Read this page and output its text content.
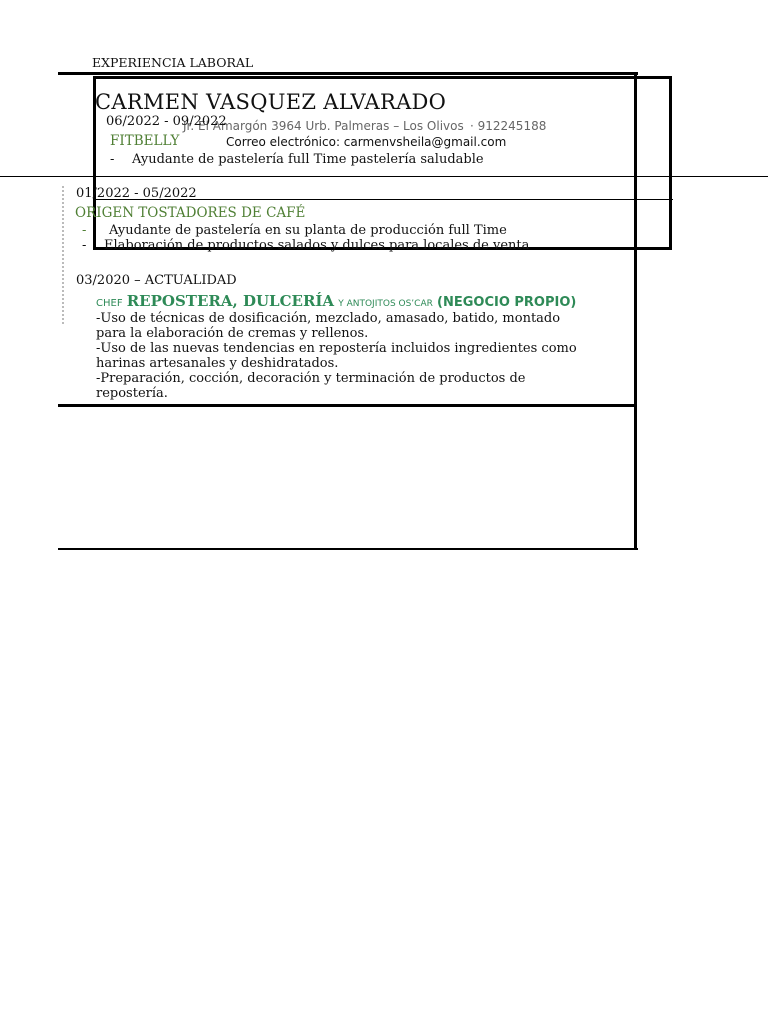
EXPERIENCIA LABORAL
CARMEN VASQUEZ ALVARADO
Jr. El Amargón 3964 Urb. Palmeras – Los Olivos · 912245188
Correo electrónico: carmenvsheila@gmail.com
06/2022 - 09/2022
FITBELLY
- Ayudante de pastelería full Time pastelería saludable
01/2022 - 05/2022
ORIGEN TOSTADORES DE CAFÉ
- Ayudante de pastelería en su planta de producción full Time
- Elaboración de productos salados y dulces para locales de venta
03/2020 – ACTUALIDAD
CHEF REPOSTERA, DULCERÍA Y ANTOJITOS OS’CAR (NEGOCIO PROPIO)
-Uso de técnicas de dosificación, mezclado, amasado, batido, montado
para la elaboración de cremas y rellenos.
-Uso de las nuevas tendencias en repostería incluidos ingredientes como
harinas artesanales y deshidratados.
-Preparación, cocción, decoración y terminación de productos de
repostería.
